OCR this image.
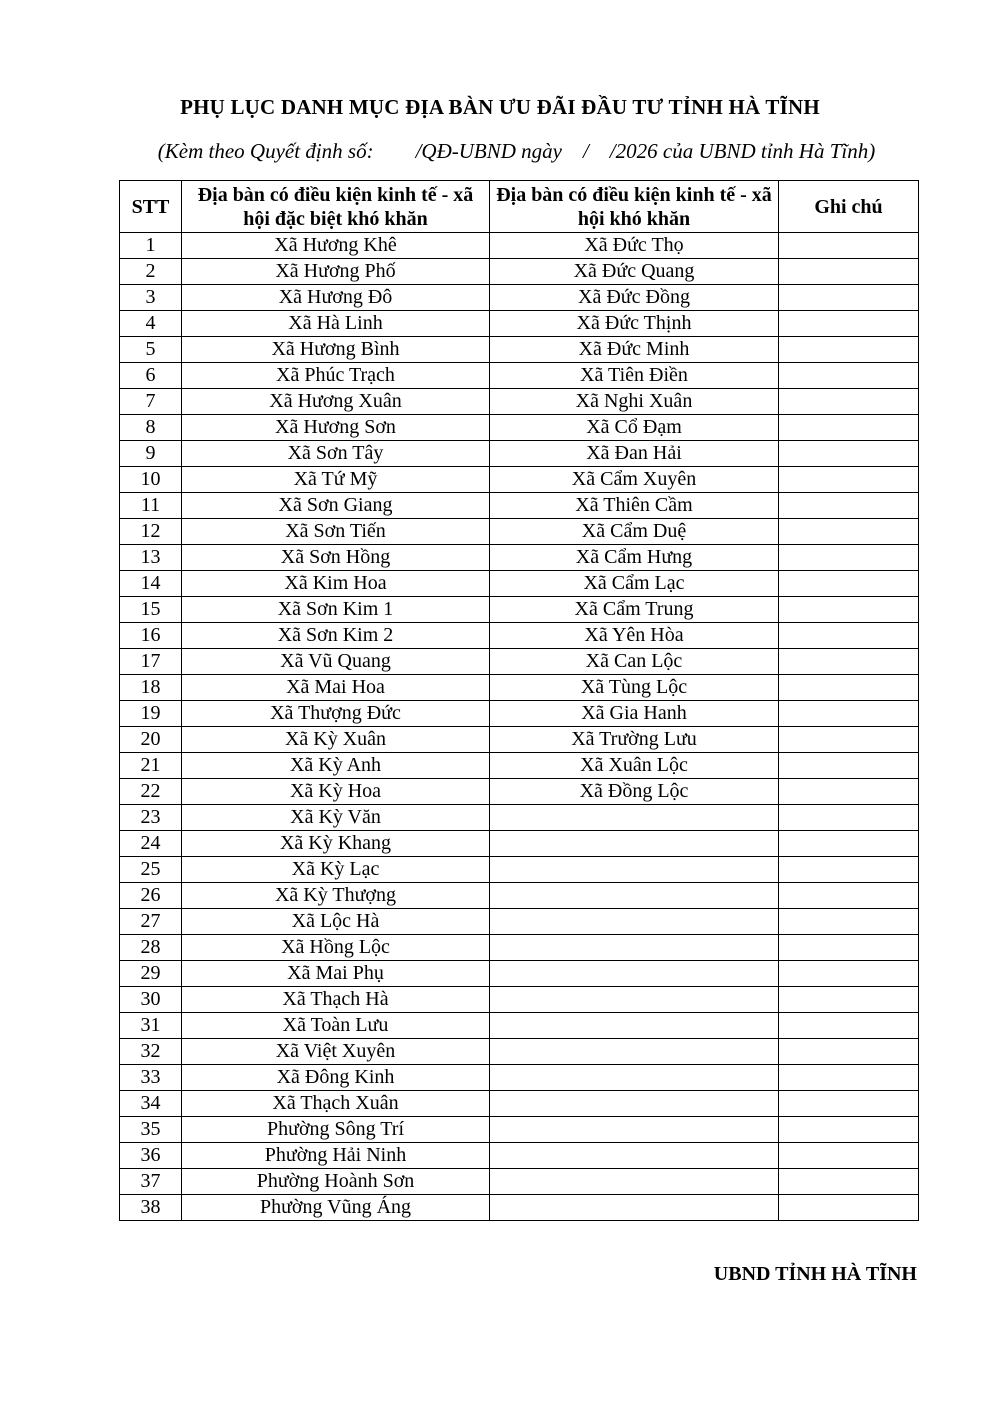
PHỤ LỤC DANH MỤC ĐỊA BÀN ƯU ĐÃI ĐẦU TƯ TỈNH HÀ TĨNH
(Kèm theo Quyết định số:        /QĐ-UBND ngày    /    /2026 của UBND tỉnh Hà Tĩnh)
STT	Địa bàn có điều kiện kinh tế - xã hội đặc biệt khó khăn	Địa bàn có điều kiện kinh tế - xã hội khó khăn	Ghi chú
1	Xã Hương Khê	Xã Đức Thọ	
2	Xã Hương Phố	Xã Đức Quang	
3	Xã Hương Đô	Xã Đức Đồng	
4	Xã Hà Linh	Xã Đức Thịnh	
5	Xã Hương Bình	Xã Đức Minh	
6	Xã Phúc Trạch	Xã Tiên Điền	
7	Xã Hương Xuân	Xã Nghi Xuân	
8	Xã Hương Sơn	Xã Cổ Đạm	
9	Xã Sơn Tây	Xã Đan Hải	
10	Xã Tứ Mỹ	Xã Cẩm Xuyên	
11	Xã Sơn Giang	Xã Thiên Cầm	
12	Xã Sơn Tiến	Xã Cẩm Duệ	
13	Xã Sơn Hồng	Xã Cẩm Hưng	
14	Xã Kim Hoa	Xã Cẩm Lạc	
15	Xã Sơn Kim 1	Xã Cẩm Trung	
16	Xã Sơn Kim 2	Xã Yên Hòa	
17	Xã Vũ Quang	Xã Can Lộc	
18	Xã Mai Hoa	Xã Tùng Lộc	
19	Xã Thượng Đức	Xã Gia Hanh	
20	Xã Kỳ Xuân	Xã Trường Lưu	
21	Xã Kỳ Anh	Xã Xuân Lộc	
22	Xã Kỳ Hoa	Xã Đồng Lộc	
23	Xã Kỳ Văn		
24	Xã Kỳ Khang		
25	Xã Kỳ Lạc		
26	Xã Kỳ Thượng		
27	Xã Lộc Hà		
28	Xã Hồng Lộc		
29	Xã Mai Phụ		
30	Xã Thạch Hà		
31	Xã Toàn Lưu		
32	Xã Việt Xuyên		
33	Xã Đông Kinh		
34	Xã Thạch Xuân		
35	Phường Sông Trí		
36	Phường Hải Ninh		
37	Phường Hoành Sơn		
38	Phường Vũng Áng		
UBND TỈNH HÀ TĨNH
